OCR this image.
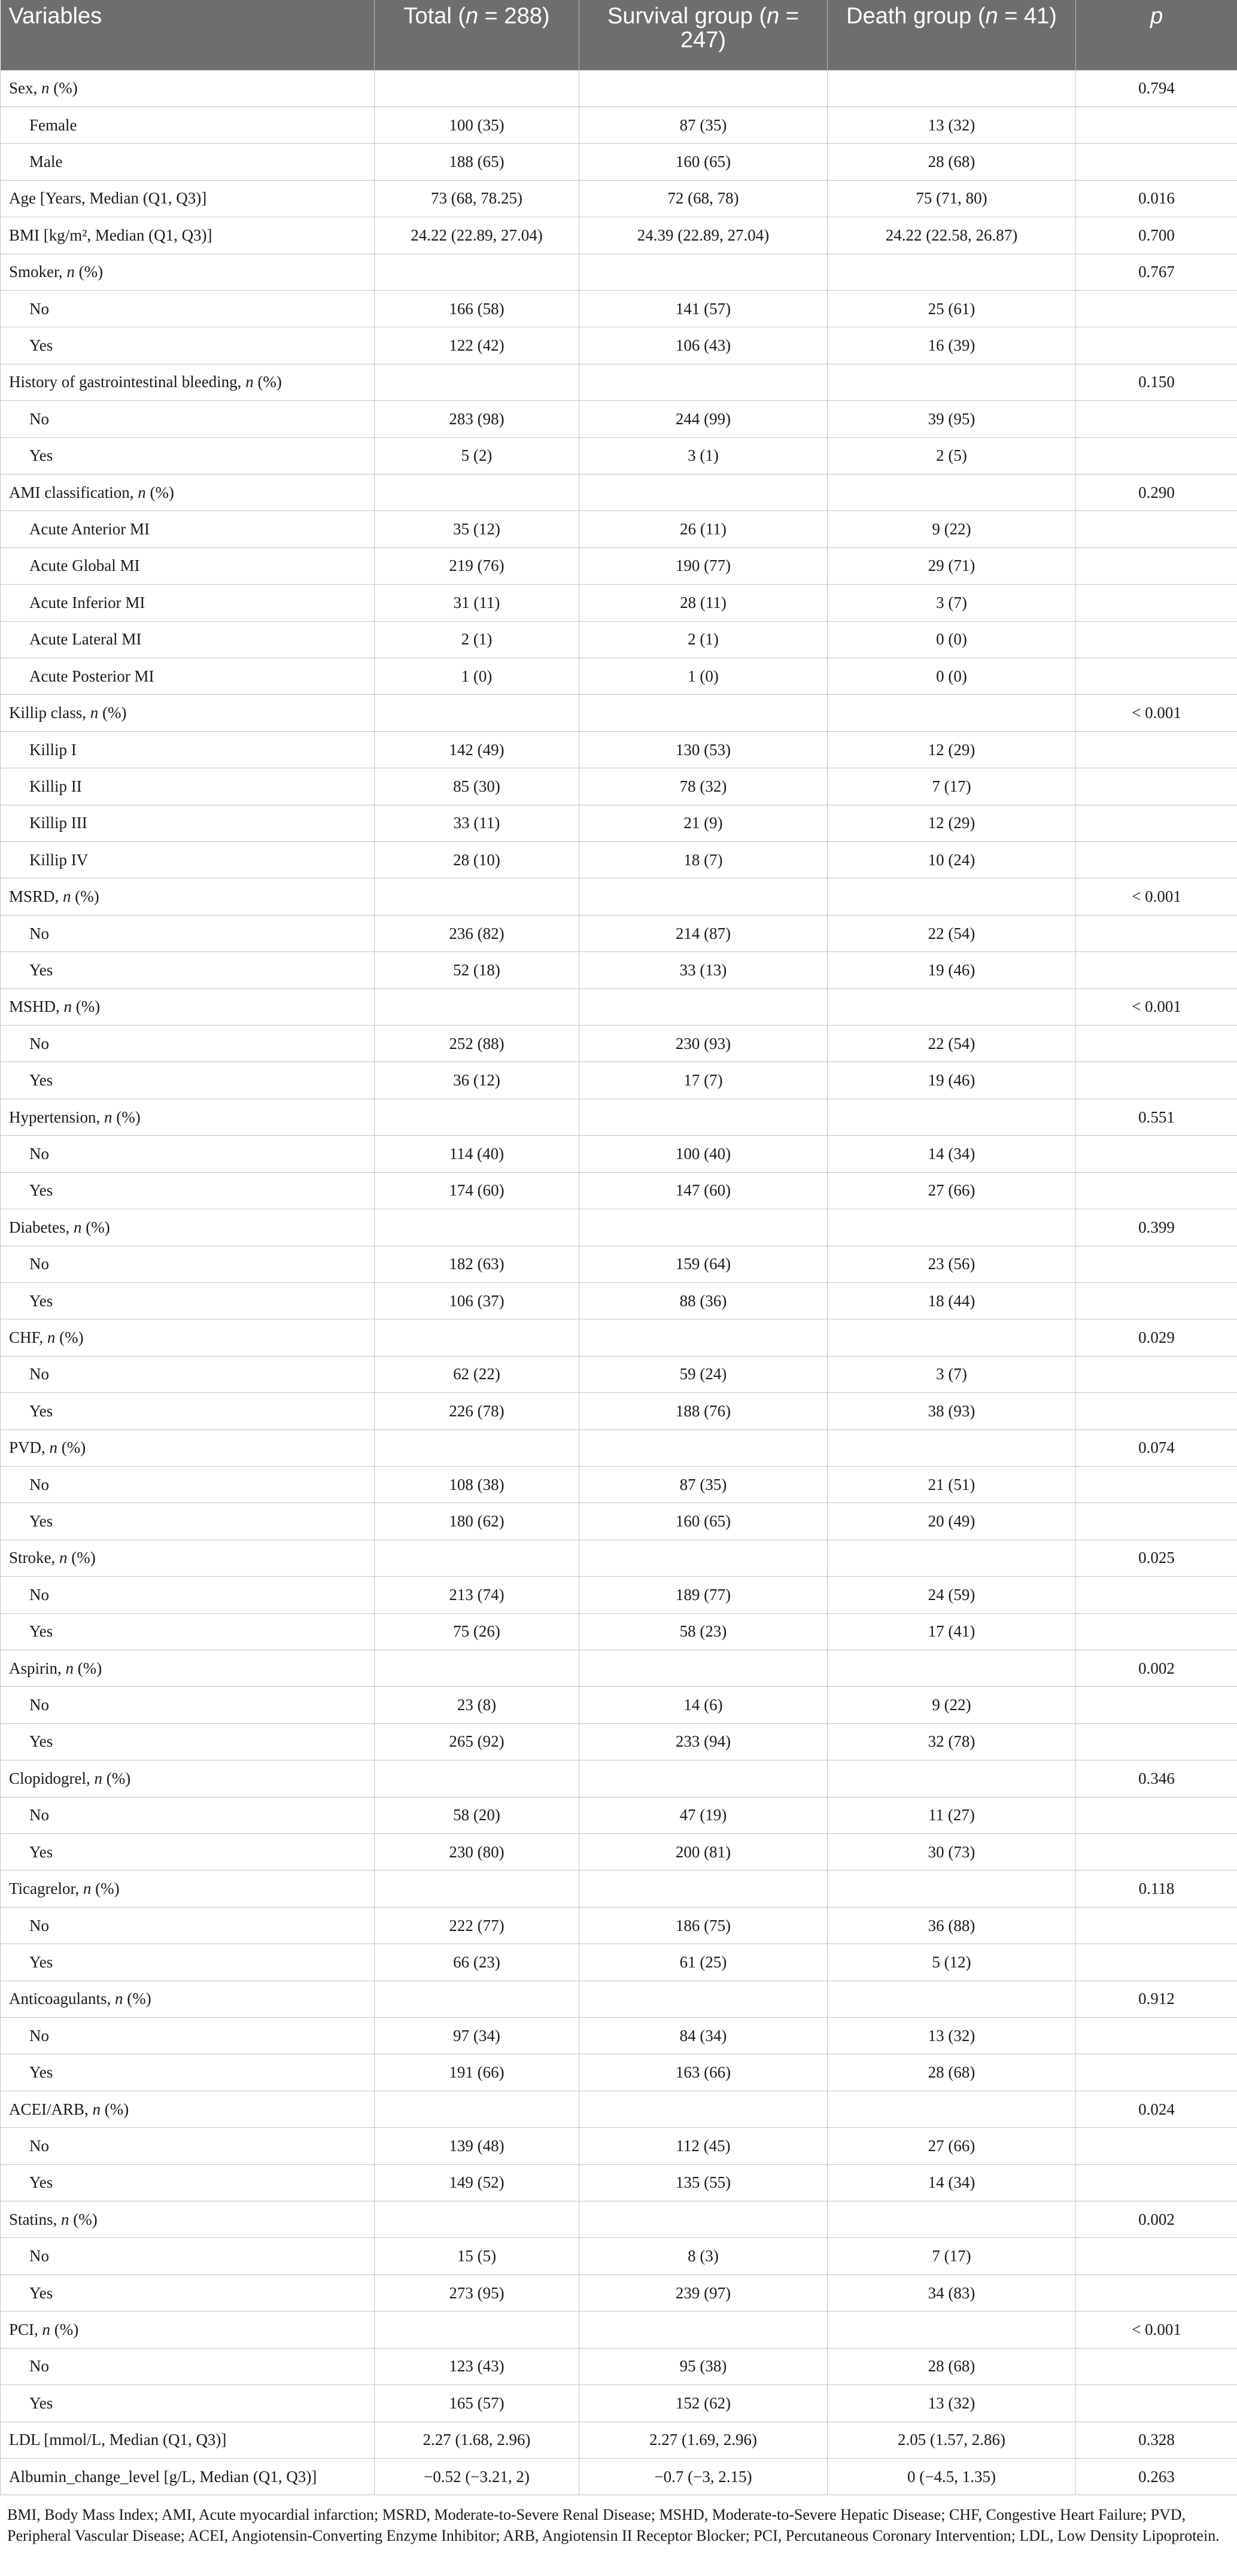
Variables	Total (n = 288)	Survival group (n = 247)	Death group (n = 41)	p
Sex, n (%)				0.794
Female	100 (35)	87 (35)	13 (32)	
Male	188 (65)	160 (65)	28 (68)	
Age [Years, Median (Q1, Q3)]	73 (68, 78.25)	72 (68, 78)	75 (71, 80)	0.016
BMI [kg/m², Median (Q1, Q3)]	24.22 (22.89, 27.04)	24.39 (22.89, 27.04)	24.22 (22.58, 26.87)	0.700
Smoker, n (%)				0.767
No	166 (58)	141 (57)	25 (61)	
Yes	122 (42)	106 (43)	16 (39)	
History of gastrointestinal bleeding, n (%)				0.150
No	283 (98)	244 (99)	39 (95)	
Yes	5 (2)	3 (1)	2 (5)	
AMI classification, n (%)				0.290
Acute Anterior MI	35 (12)	26 (11)	9 (22)	
Acute Global MI	219 (76)	190 (77)	29 (71)	
Acute Inferior MI	31 (11)	28 (11)	3 (7)	
Acute Lateral MI	2 (1)	2 (1)	0 (0)	
Acute Posterior MI	1 (0)	1 (0)	0 (0)	
Killip class, n (%)				< 0.001
Killip I	142 (49)	130 (53)	12 (29)	
Killip II	85 (30)	78 (32)	7 (17)	
Killip III	33 (11)	21 (9)	12 (29)	
Killip IV	28 (10)	18 (7)	10 (24)	
MSRD, n (%)				< 0.001
No	236 (82)	214 (87)	22 (54)	
Yes	52 (18)	33 (13)	19 (46)	
MSHD, n (%)				< 0.001
No	252 (88)	230 (93)	22 (54)	
Yes	36 (12)	17 (7)	19 (46)	
Hypertension, n (%)				0.551
No	114 (40)	100 (40)	14 (34)	
Yes	174 (60)	147 (60)	27 (66)	
Diabetes, n (%)				0.399
No	182 (63)	159 (64)	23 (56)	
Yes	106 (37)	88 (36)	18 (44)	
CHF, n (%)				0.029
No	62 (22)	59 (24)	3 (7)	
Yes	226 (78)	188 (76)	38 (93)	
PVD, n (%)				0.074
No	108 (38)	87 (35)	21 (51)	
Yes	180 (62)	160 (65)	20 (49)	
Stroke, n (%)				0.025
No	213 (74)	189 (77)	24 (59)	
Yes	75 (26)	58 (23)	17 (41)	
Aspirin, n (%)				0.002
No	23 (8)	14 (6)	9 (22)	
Yes	265 (92)	233 (94)	32 (78)	
Clopidogrel, n (%)				0.346
No	58 (20)	47 (19)	11 (27)	
Yes	230 (80)	200 (81)	30 (73)	
Ticagrelor, n (%)				0.118
No	222 (77)	186 (75)	36 (88)	
Yes	66 (23)	61 (25)	5 (12)	
Anticoagulants, n (%)				0.912
No	97 (34)	84 (34)	13 (32)	
Yes	191 (66)	163 (66)	28 (68)	
ACEI/ARB, n (%)				0.024
No	139 (48)	112 (45)	27 (66)	
Yes	149 (52)	135 (55)	14 (34)	
Statins, n (%)				0.002
No	15 (5)	8 (3)	7 (17)	
Yes	273 (95)	239 (97)	34 (83)	
PCI, n (%)				< 0.001
No	123 (43)	95 (38)	28 (68)	
Yes	165 (57)	152 (62)	13 (32)	
LDL [mmol/L, Median (Q1, Q3)]	2.27 (1.68, 2.96)	2.27 (1.69, 2.96)	2.05 (1.57, 2.86)	0.328
Albumin_change_level [g/L, Median (Q1, Q3)]	−0.52 (−3.21, 2)	−0.7 (−3, 2.15)	0 (−4.5, 1.35)	0.263
BMI, Body Mass Index; AMI, Acute myocardial infarction; MSRD, Moderate-to-Severe Renal Disease; MSHD, Moderate-to-Severe Hepatic Disease; CHF, Congestive Heart Failure; PVD, Peripheral Vascular Disease; ACEI, Angiotensin-Converting Enzyme Inhibitor; ARB, Angiotensin II Receptor Blocker; PCI, Percutaneous Coronary Intervention; LDL, Low Density Lipoprotein.
